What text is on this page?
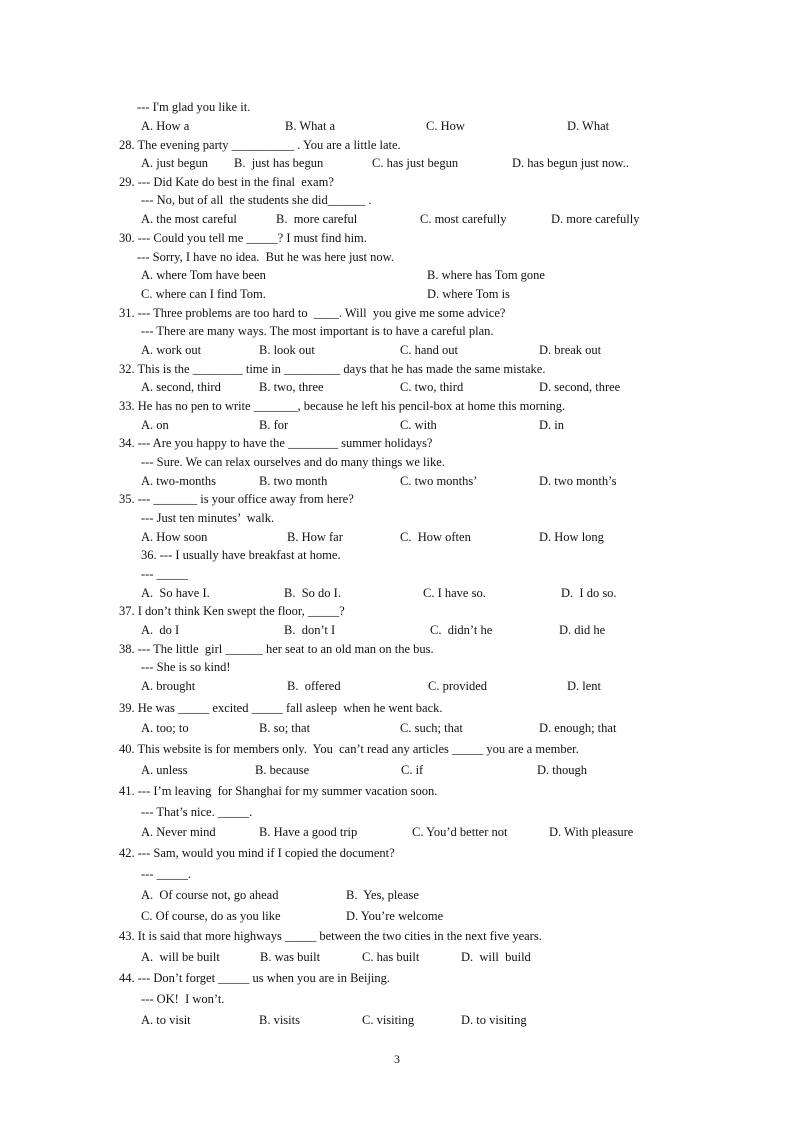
--- I'm glad you like it.
A. How a	B. What a	C. How	D. What
28. The evening party __________ . You are a little late.
A. just begun B.  just has begun	C. has just begun	D. has begun just now..
29. --- Did Kate do best in the final  exam?
--- No, but of all  the students she did______ .
A. the most careful	B.  more careful	C. most carefully	D. more carefully
30. --- Could you tell me _____? I must find him.
--- Sorry, I have no idea.  But he was here just now.
A. where Tom have been	B. where has Tom gone
C. where can I find Tom.	D. where Tom is
31. --- Three problems are too hard to  ____. Will  you give me some advice?
--- There are many ways. The most important is to have a careful plan.
A. work out	B. look out	C. hand out	D. break out
32. This is the ________ time in _________ days that he has made the same mistake.
A. second, third	B. two, three	C. two, third	D. second, three
33. He has no pen to write _______, because he left his pencil-box at home this morning.
A. on	B. for	C. with	D. in
34. --- Are you happy to have the ________ summer holidays?
--- Sure. We can relax ourselves and do many things we like.
A. two-months	B. two month	C. two months’	D. two month’s
35. --- _______ is your office away from here?
--- Just ten minutes’  walk.
A. How soon	B. How far	C.  How often	D. How long
36. --- I usually have breakfast at home.
--- _____
A.  So have I.	B.  So do I.	C. I have so.	D.  I do so.
37. I don’t think Ken swept the floor, _____?
A.  do I	B.  don’t I	C.  didn’t he	D. did he
38. --- The little  girl ______ her seat to an old man on the bus.
--- She is so kind!
A. brought	B.  offered	C. provided	D. lent
39. He was _____ excited _____ fall asleep  when he went back.
A. too; to	B. so; that	C. such; that	D. enough; that
40. This website is for members only.  You  can’t read any articles _____ you are a member.
A. unless	B. because	C. if	D. though
41. --- I’m leaving  for Shanghai for my summer vacation soon.
--- That’s nice. _____.
A. Never mind	B. Have a good trip	C. You’d better not	D. With pleasure
42. --- Sam, would you mind if I copied the document?
--- _____.
A.  Of course not, go ahead	B.  Yes, please
C. Of course, do as you like	D. You’re welcome
43. It is said that more highways _____ between the two cities in the next five years.
A.  will be built	B. was built	C. has built	D.  will  build
44. --- Don’t forget _____ us when you are in Beijing.
--- OK!  I won’t.
A. to visit	B. visits	C. visiting	D. to visiting
3
